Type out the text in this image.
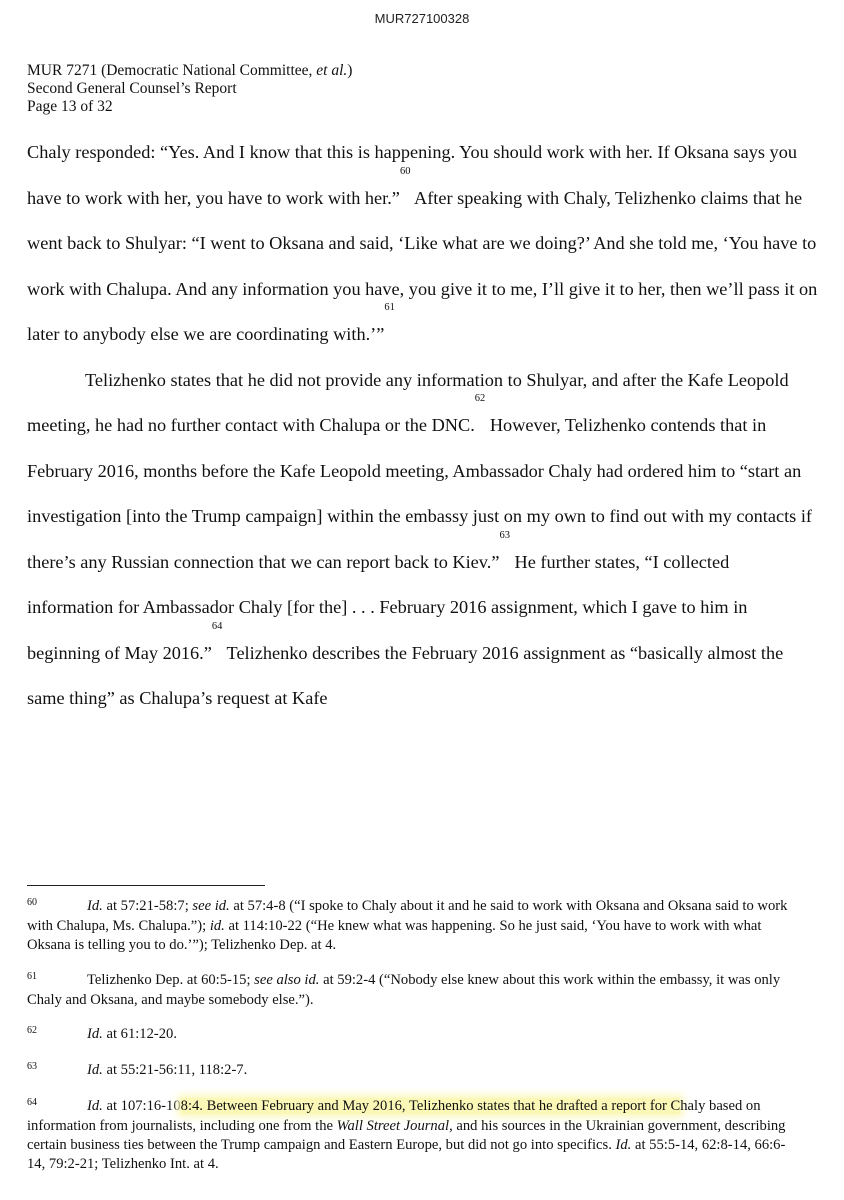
MUR727100328
MUR 7271 (Democratic National Committee, et al.)
Second General Counsel’s Report
Page 13 of 32

Chaly responded: “Yes. And I know that this is happening. You should work with her. If Oksana says you have to work with her, you have to work with her.”$^{60}$ After speaking with Chaly, Telizhenko claims that he went back to Shulyar: “I went to Oksana and said, ‘Like what are we doing?’ And she told me, ‘You have to work with Chalupa. And any information you have, you give it to me, I’ll give it to her, then we’ll pass it on later to anybody else we are coordinating with.’”$^{61}$

Telizhenko states that he did not provide any information to Shulyar, and after the Kafe Leopold meeting, he had no further contact with Chalupa or the DNC.$^{62}$ However, Telizhenko contends that in February 2016, months before the Kafe Leopold meeting, Ambassador Chaly had ordered him to “start an investigation [into the Trump campaign] within the embassy just on my own to find out with my contacts if there’s any Russian connection that we can report back to Kiev.”$^{63}$ He further states, “I collected information for Ambassador Chaly [for the] . . . February 2016 assignment, which I gave to him in beginning of May 2016.”$^{64}$ Telizhenko describes the February 2016 assignment as “basically almost the same thing” as Chalupa’s request at Kafe

60	Id. at 57:21-58:7; see id. at 57:4-8 (“I spoke to Chaly about it and he said to work with Oksana and Oksana said to work with Chalupa, Ms. Chalupa.”); id. at 114:10-22 (“He knew what was happening. So he just said, ‘You have to work with what Oksana is telling you to do.’”); Telizhenko Dep. at 4.
61	Telizhenko Dep. at 60:5-15; see also id. at 59:2-4 (“Nobody else knew about this work within the embassy, it was only Chaly and Oksana, and maybe somebody else.”).
62	Id. at 61:12-20.
63	Id. at 55:21-56:11, 118:2-7.
64	Id. at 107:16-108:4. Between February and May 2016, Telizhenko states that he drafted a report for Chaly based on information from journalists, including one from the Wall Street Journal, and his sources in the Ukrainian government, describing certain business ties between the Trump campaign and Eastern Europe, but did not go into specifics. Id. at 55:5-14, 62:8-14, 66:6-14, 79:2-21; Telizhenko Int. at 4.
